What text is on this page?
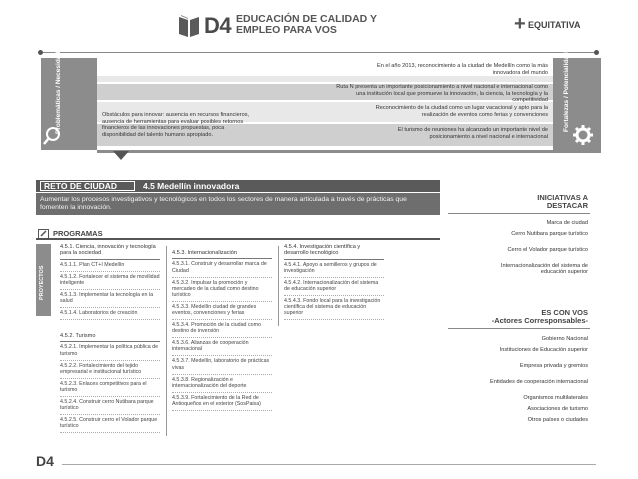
D4 EDUCACIÓN DE CALIDAD Y
EMPLEO PARA VOS	+ EQUITATIVA
Problemáticas / Necesidades	Fortalezas / Potencialidades
Obstáculos para innovar: ausencia en recursos financieros, ausencia de herramientas para evaluar posibles retornos financieros de las innovaciones propuestas, poca disponibilidad del talento humano apropiado.
En el año 2013, reconocimiento a la ciudad de Medellín como la más innovadora del mundo
Ruta N presenta un importante posicionamiento a nivel nacional e internacional como una institución local que promueve la innovación, la ciencia, la tecnología y la competitividad
Reconocimiento de la ciudad como un lugar vacacional y apto para la realización de eventos como ferias y convenciones
El turismo de reuniones ha alcanzado un importante nivel de posicionamiento a nivel nacional e internacional
RETO DE CIUDAD	4.5 Medellín innovadora
Aumentar los procesos investigativos y tecnológicos en todos los sectores de manera articulada a través de prácticas que fomenten la innovación.
PROGRAMAS
PROYECTOS
4.5.1. Ciencia, innovación y tecnología para la sociedad
4.5.1.1. Plan CT+I Medellín
4.5.1.2. Fortalecer el sistema de movilidad inteligente
4.5.1.3. Implementar la tecnología en la salud
4.5.1.4. Laboratorios de creación
4.5.2. Turismo
4.5.2.1. Implementar la política pública de turismo
4.5.2.2. Fortalecimiento del tejido empresarial e institucional turístico
4.5.2.3. Enlaces competitivos para el turismo
4.5.2.4. Construir cerro Nutibara parque turístico
4.5.2.5. Construir cerro el Volador parque turístico
4.5.3. Internacionalización
4.5.3.1. Construir y desarrollar marca de Ciudad
4.5.3.2. Impulsar la promoción y mercadeo de la ciudad como destino turístico
4.5.3.3. Medellín ciudad de grandes eventos, convenciones y ferias
4.5.3.4. Promoción de la ciudad como destino de inversión
4.5.3.6. Alianzas de cooperación internacional
4.5.3.7. Medellín, laboratorio de prácticas vivas
4.5.3.8. Regionalización e internacionalización del deporte
4.5.3.9. Fortalecimiento de la Red de Antioqueños en el exterior (SosPaisa)
4.5.4. Investigación científica y desarrollo tecnológico
4.5.4.1. Apoyo a semilleros y grupos de investigación
4.5.4.2. Internacionalización del sistema de educación superior
4.5.4.3. Fondo local para la investigación científica del sistema de educación superior
INICIATIVAS A
DESTACAR
Marca de ciudad
Cerro Nutibara parque turístico
Cerro el Volador parque turístico
Internacionalización del sistema de educación superior
ES CON VOS
-Actores Corresponsables-
Gobierno Nacional
Instituciones de Educación superior
Empresa privada y gremios
Entidades de cooperación internacional
Organismos multilaterales
Asociaciones de turismo
Otros países o ciudades
D4
